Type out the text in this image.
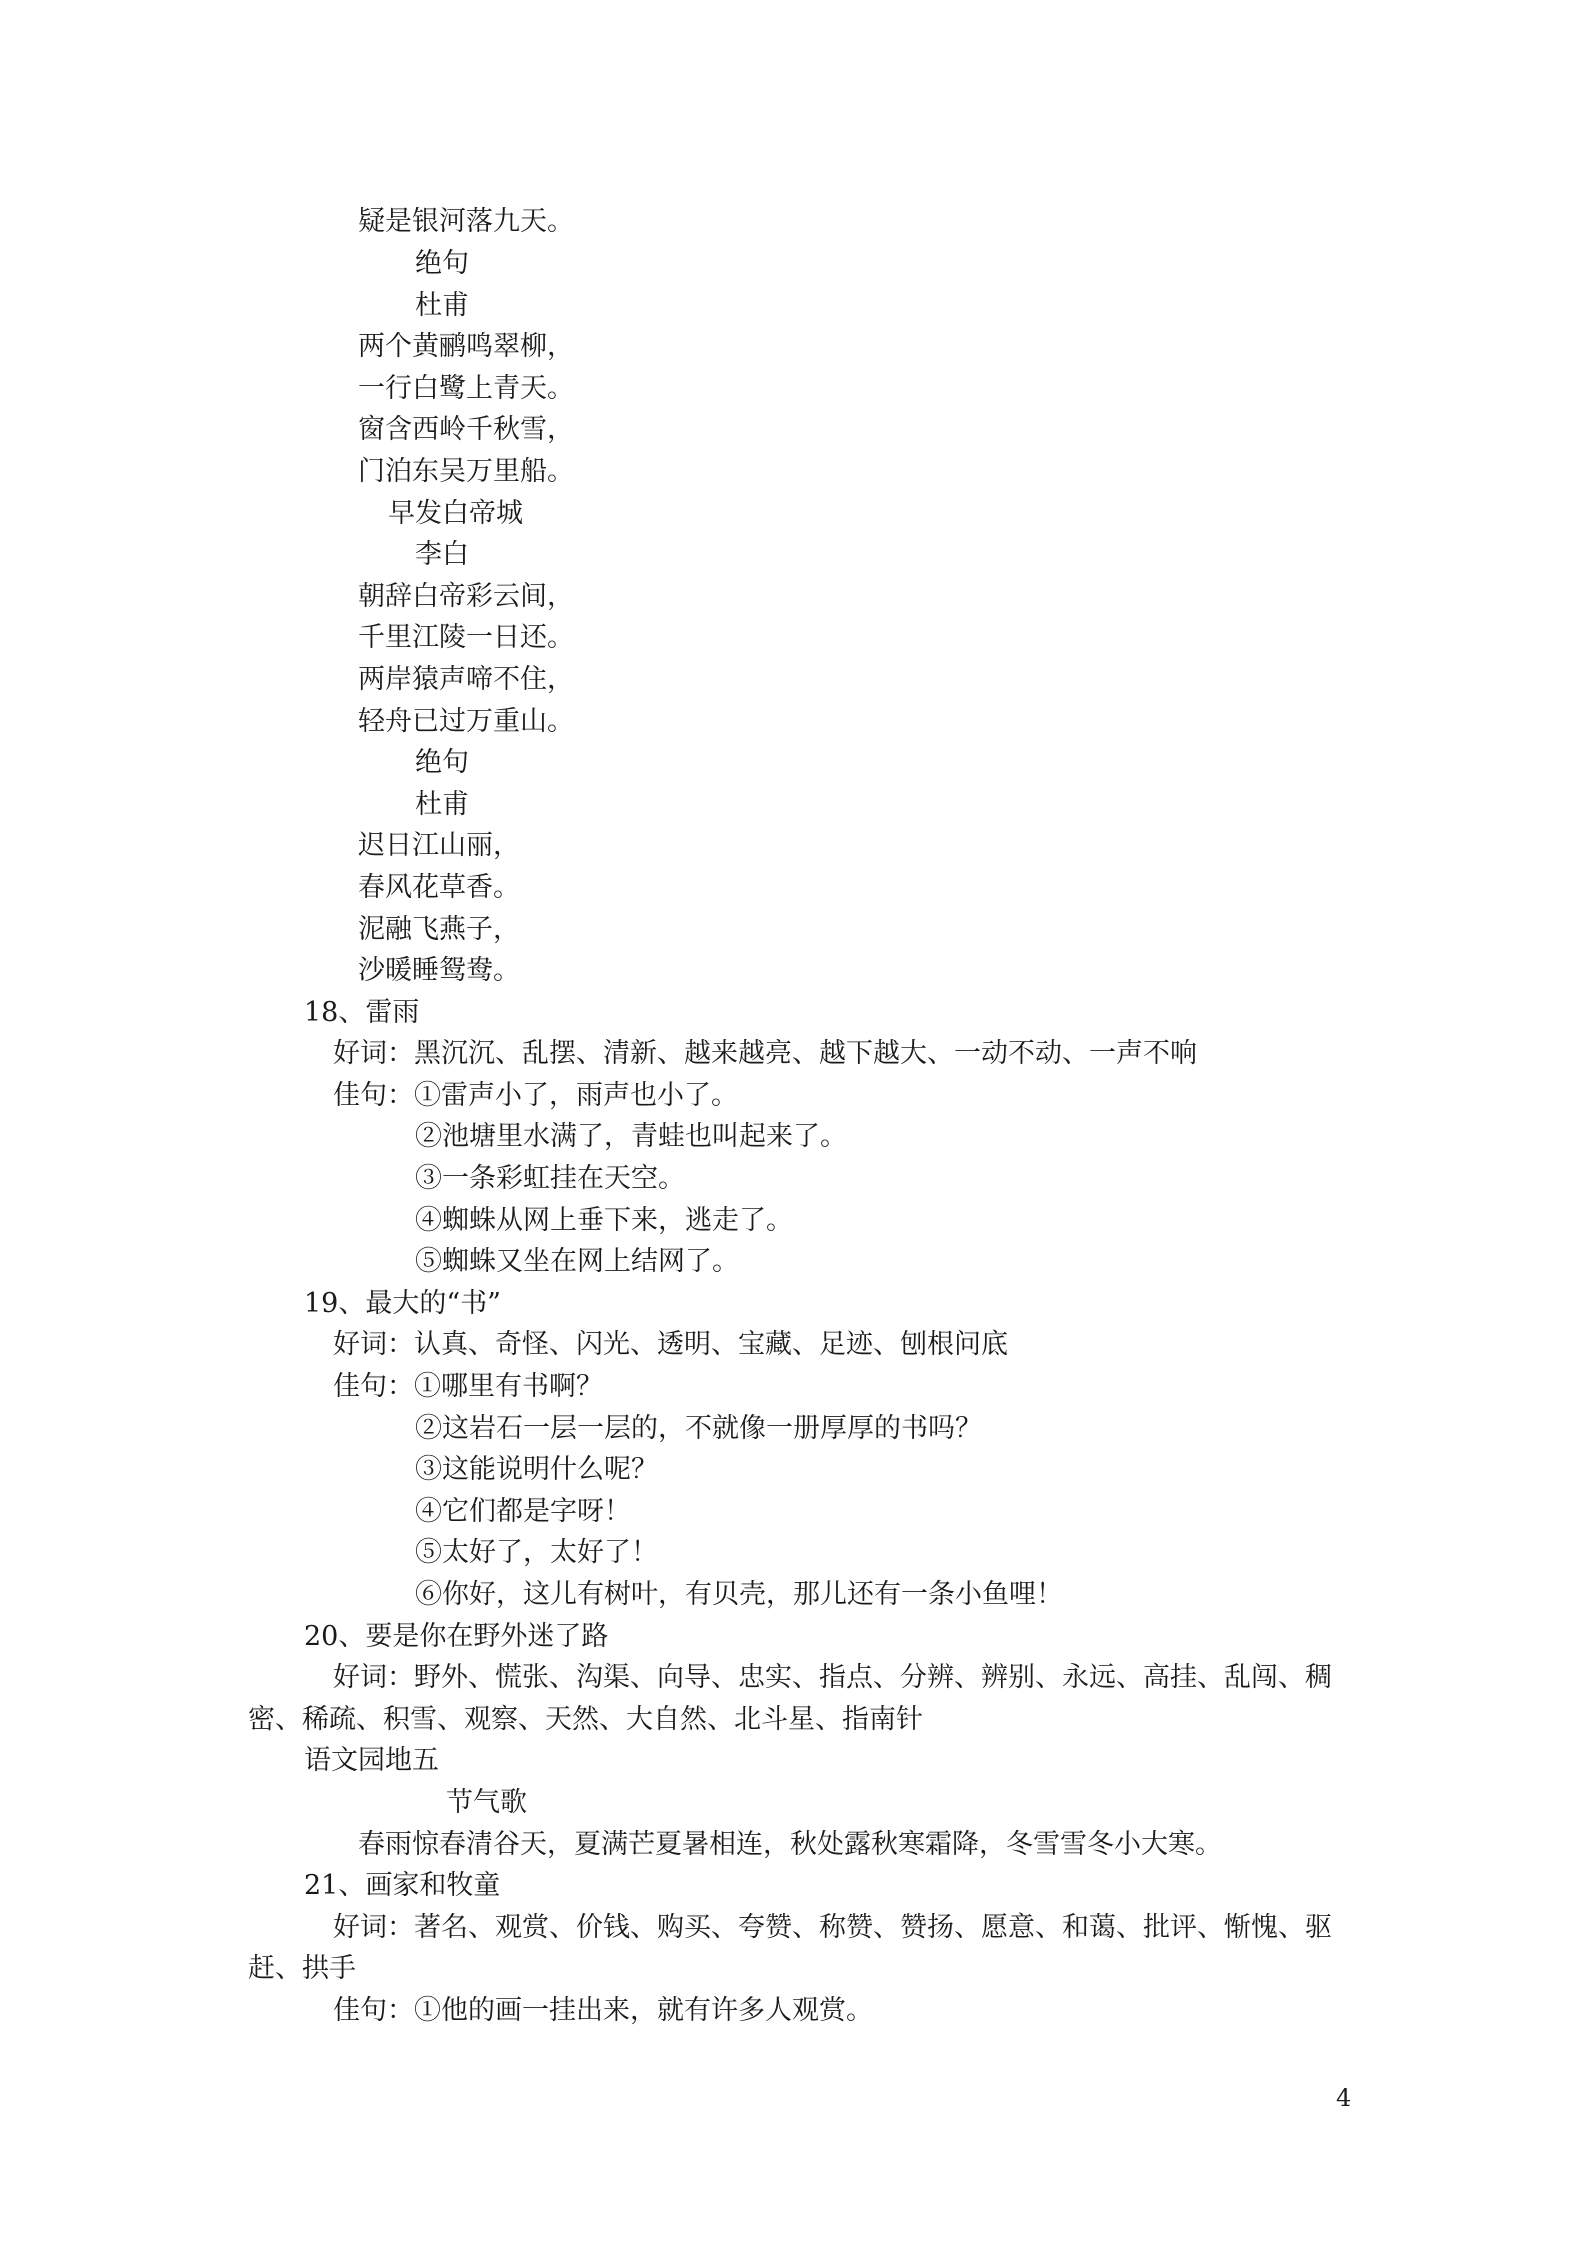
疑是银河落九天。
绝句
杜甫
两个黄鹂鸣翠柳，
一行白鹭上青天。
窗含西岭千秋雪，
门泊东吴万里船。
早发白帝城
李白
朝辞白帝彩云间，
千里江陵一日还。
两岸猿声啼不住，
轻舟已过万重山。
绝句
杜甫
迟日江山丽，
春风花草香。
泥融飞燕子，
沙暖睡鸳鸯。
18、雷雨
好词：黑沉沉、乱摆、清新、越来越亮、越下越大、一动不动、一声不响
佳句：①雷声小了，雨声也小了。
②池塘里水满了，青蛙也叫起来了。
③一条彩虹挂在天空。
④蜘蛛从网上垂下来，逃走了。
⑤蜘蛛又坐在网上结网了。
19、最大的“书”
好词：认真、奇怪、闪光、透明、宝藏、足迹、刨根问底
佳句：①哪里有书啊？
②这岩石一层一层的，不就像一册厚厚的书吗？
③这能说明什么呢？
④它们都是字呀！
⑤太好了，太好了！
⑥你好，这儿有树叶，有贝壳，那儿还有一条小鱼哩！
20、要是你在野外迷了路
好词：野外、慌张、沟渠、向导、忠实、指点、分辨、辨别、永远、高挂、乱闯、稠
密、稀疏、积雪、观察、天然、大自然、北斗星、指南针
语文园地五
节气歌
春雨惊春清谷天，夏满芒夏暑相连，秋处露秋寒霜降，冬雪雪冬小大寒。
21、画家和牧童
好词：著名、观赏、价钱、购买、夸赞、称赞、赞扬、愿意、和蔼、批评、惭愧、驱
赶、拱手
佳句：①他的画一挂出来，就有许多人观赏。
4
